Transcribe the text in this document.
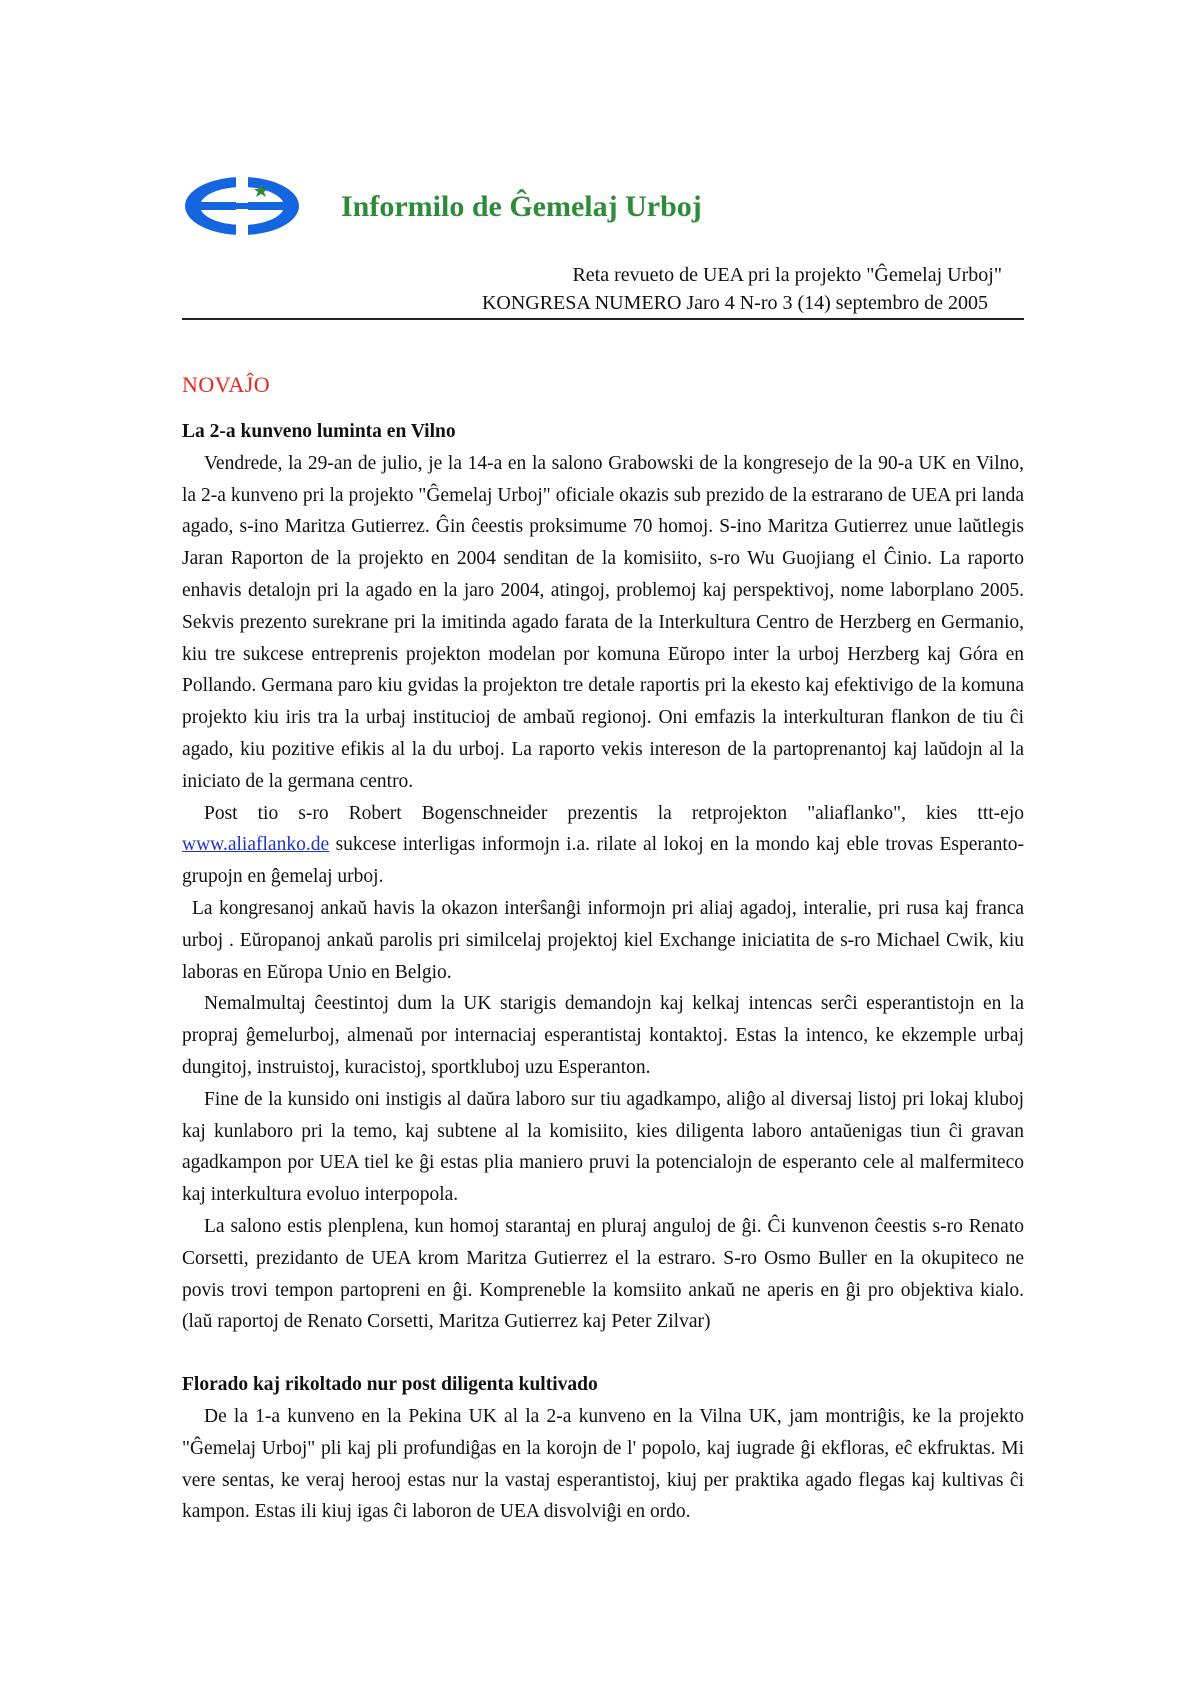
Informilo de Ĝemelaj Urboj
Reta revueto de UEA pri la projekto "Ĝemelaj Urboj"
KONGRESA NUMERO Jaro 4 N-ro 3 (14) septembro de 2005
NOVAĴO
La 2-a kunveno luminta en Vilno

Vendrede, la 29-an de julio, je la 14-a en la salono Grabowski de la kongresejo de la 90-a UK en Vilno, la 2-a kunveno pri la projekto "Ĝemelaj Urboj" oficiale okazis sub prezido de la estrarano de UEA pri landa agado, s-ino Maritza Gutierrez. Ĝin ĉeestis proksimume 70 homoj. S-ino Maritza Gutierrez unue laŭtlegis Jaran Raporton de la projekto en 2004 senditan de la komisiito, s-ro Wu Guojiang el Ĉinio. La raporto enhavis detalojn pri la agado en la jaro 2004, atingoj, problemoj kaj perspektivoj, nome laborplano 2005. Sekvis prezento surekrane pri la imitinda agado farata de la Interkultura Centro de Herzberg en Germanio, kiu tre sukcese entreprenis projekton modelan por komuna Eŭropo inter la urboj Herzberg kaj Góra en Pollando. Germana paro kiu gvidas la projekton tre detale raportis pri la ekesto kaj efektivigo de la komuna projekto kiu iris tra la urbaj institucioj de ambaŭ regionoj. Oni emfazis la interkulturan flankon de tiu ĉi agado, kiu pozitive efikis al la du urboj. La raporto vekis intereson de la partoprenantoj kaj laŭdojn al la iniciato de la germana centro.

Post tio s-ro Robert Bogenschneider prezentis la retprojekton "aliaflanko", kies ttt-ejo www.aliaflanko.de sukcese interligas informojn i.a. rilate al lokoj en la mondo kaj eble trovas Esperanto-grupojn en ĝemelaj urboj.

La kongresanoj ankaŭ havis la okazon interŝanĝi informojn pri aliaj agadoj, interalie, pri rusa kaj franca urboj . Eŭropanoj ankaŭ parolis pri similcelaj projektoj kiel Exchange iniciatita de s-ro Michael Cwik, kiu laboras en Eŭropa Unio en Belgio.

Nemalmultaj ĉeestintoj dum la UK starigis demandojn kaj kelkaj intencas serĉi esperantistojn en la propraj ĝemelurboj, almenaŭ por internaciaj esperantistaj kontaktoj. Estas la intenco, ke ekzemple urbaj dungitoj, instruistoj, kuracistoj, sportkluboj uzu Esperanton.

Fine de la kunsido oni instigis al daŭra laboro sur tiu agadkampo, aliĝo al diversaj listoj pri lokaj kluboj kaj kunlaboro pri la temo, kaj subtene al la komisiito, kies diligenta laboro antaŭenigas tiun ĉi gravan agadkampon por UEA tiel ke ĝi estas plia maniero pruvi la potencialojn de esperanto cele al malfermiteco kaj interkultura evoluo interpopola.

La salono estis plenplena, kun homoj starantaj en pluraj anguloj de ĝi. Ĉi kunvenon ĉeestis s-ro Renato Corsetti, prezidanto de UEA krom Maritza Gutierrez el la estraro. S-ro Osmo Buller en la okupiteco ne povis trovi tempon partopreni en ĝi. Kompreneble la komsiito ankaŭ ne aperis en ĝi pro objektiva kialo. (laŭ raportoj de Renato Corsetti, Maritza Gutierrez kaj Peter Zilvar)

Florado kaj rikoltado nur post diligenta kultivado

De la 1-a kunveno en la Pekina UK al la 2-a kunveno en la Vilna UK, jam montriĝis, ke la projekto "Ĝemelaj Urboj" pli kaj pli profundiĝas en la korojn de l' popolo, kaj iugrade ĝi ekfloras, eĉ ekfruktas. Mi vere sentas, ke veraj herooj estas nur la vastaj esperantistoj, kiuj per praktika agado flegas kaj kultivas ĉi kampon. Estas ili kiuj igas ĉi laboron de UEA disvolviĝi en ordo.
